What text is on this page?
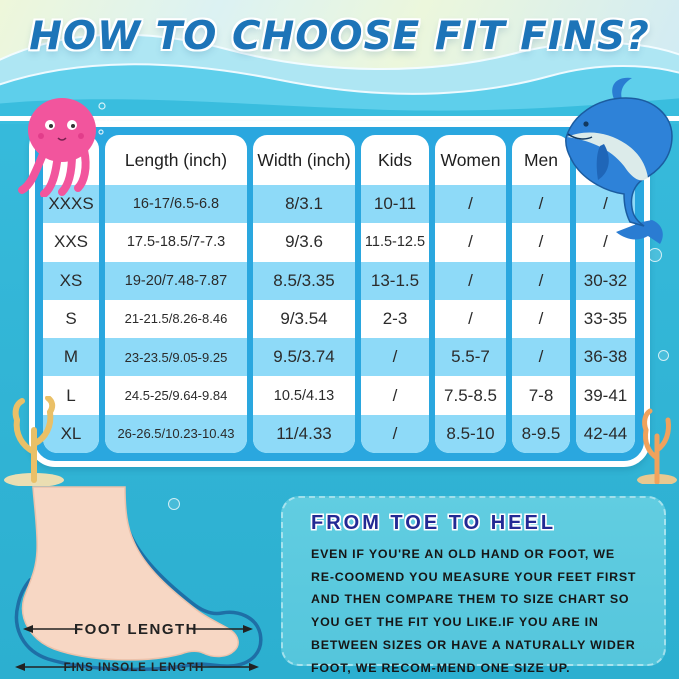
HOW TO CHOOSE FIT FINS?
XXXS
XXS
XS
S
M
L
XL
Length (inch)
16-17/6.5-6.8
17.5-18.5/7-7.3
19-20/7.48-7.87
21-21.5/8.26-8.46
23-23.5/9.05-9.25
24.5-25/9.64-9.84
26-26.5/10.23-10.43
Width (inch)
8/3.1
9/3.6
8.5/3.35
9/3.54
9.5/3.74
10.5/4.13
11/4.33
Kids
10-11
11.5-12.5
13-1.5
2-3
/
/
/
Women
/
/
/
/
5.5-7
7.5-8.5
8.5-10
Men
/
/
/
/
/
7-8
8-9.5
/
/
30-32
33-35
36-38
39-41
42-44
FOOT LENGTH
FINS INSOLE LENGTH
FROM TOE TO HEEL

EVEN IF YOU'RE AN OLD HAND OR FOOT, WE RE-COOMEND YOU MEASURE YOUR FEET FIRST AND THEN COMPARE THEM TO SIZE CHART SO YOU GET THE FIT YOU LIKE.IF YOU ARE IN BETWEEN SIZES OR HAVE A NATURALLY WIDER FOOT, WE RECOM-MEND ONE SIZE UP.
